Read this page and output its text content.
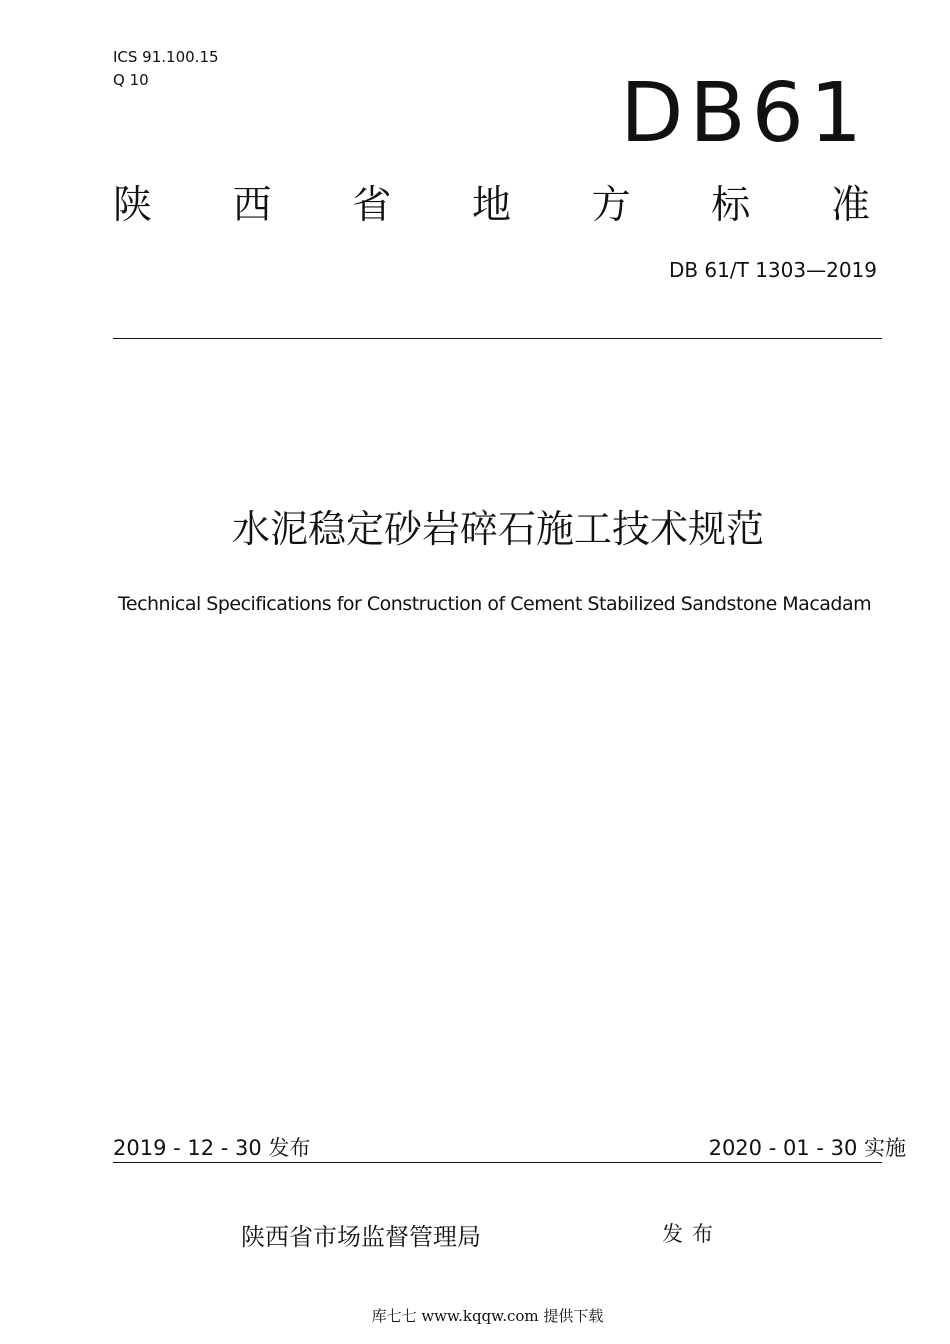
ICS 91.100.15
Q 10	DB61
陕 西 省 地 方 标 准
DB 61/T 1303—2019
水泥稳定砂岩碎石施工技术规范
Technical Specifications for Construction of Cement Stabilized Sandstone Macadam
2019 - 12 - 30 发布	2020 - 01 - 30 实施
陕西省市场监督管理局	发布
库七七 www.kqqw.com 提供下载
